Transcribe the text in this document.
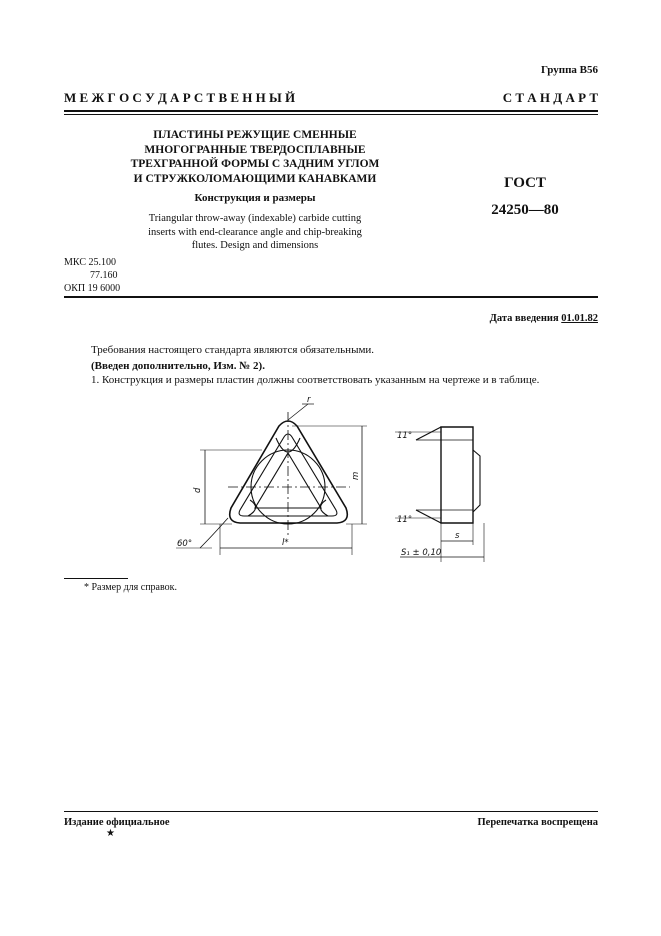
Группа В56
М Е Ж Г О С У Д А Р С Т В Е Н Н Ы Й	С Т А Н Д А Р Т
ПЛАСТИНЫ РЕЖУЩИЕ СМЕННЫЕ
МНОГОГРАННЫЕ ТВЕРДОСПЛАВНЫЕ
ТРЕХГРАННОЙ ФОРМЫ С ЗАДНИМ УГЛОМ
И СТРУЖКОЛОМАЮЩИМИ КАНАВКАМИ
Конструкция и размеры
Triangular throw-away (indexable) carbide cutting
inserts with end-clearance angle and chip-breaking
flutes. Design and dimensions
ГОСТ
24250—80
МКС 25.100
77.160
ОКП 19 6000
Дата введения 01.01.82
Требования настоящего стандарта являются обязательными.
(Введен дополнительно, Изм. № 2).
1. Конструкция и размеры пластин должны соответствовать указанным на чертеже и в таблице.
r
d
m
l*
60°
11°
11°
s
S₁ ± 0,10
* Размер для справок.
Издание официальное	Перепечатка воспрещена
★
